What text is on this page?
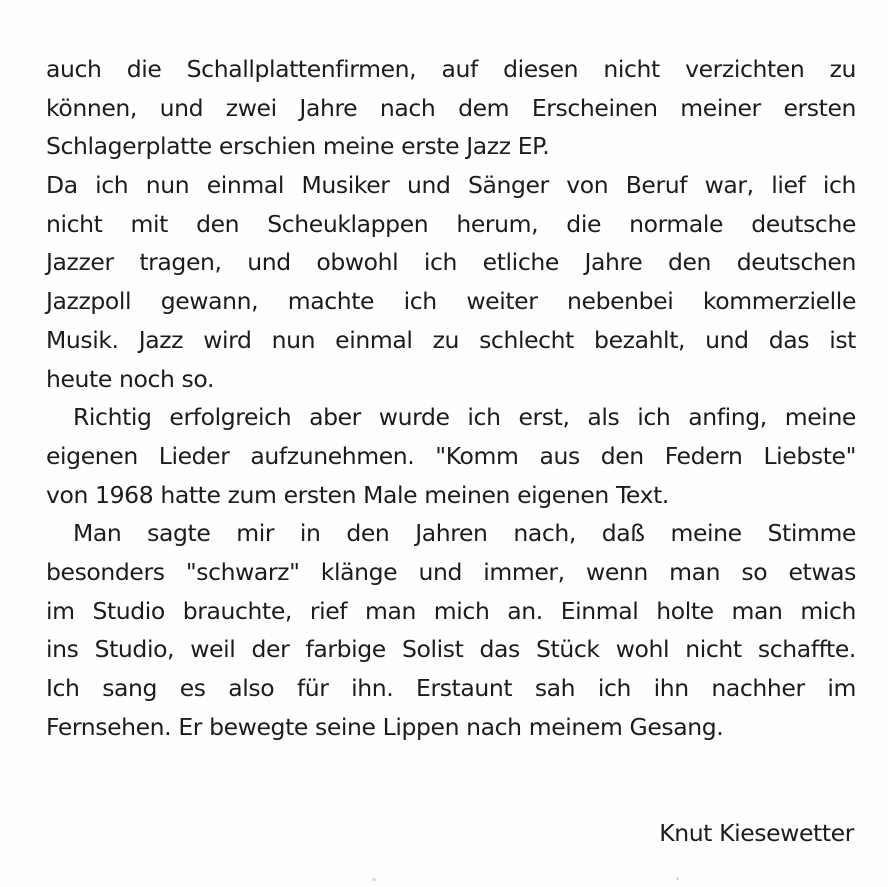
auch die Schallplattenfirmen, auf diesen nicht verzichten zu
können, und zwei Jahre nach dem Erscheinen meiner ersten
Schlagerplatte erschien meine erste Jazz EP.
Da ich nun einmal Musiker und Sänger von Beruf war, lief ich
nicht mit den Scheuklappen herum, die normale deutsche
Jazzer tragen, und obwohl ich etliche Jahre den deutschen
Jazzpoll gewann, machte ich weiter nebenbei kommerzielle
Musik. Jazz wird nun einmal zu schlecht bezahlt, und das ist
heute noch so.
Richtig erfolgreich aber wurde ich erst, als ich anfing, meine
eigenen Lieder aufzunehmen. "Komm aus den Federn Liebste"
von 1968 hatte zum ersten Male meinen eigenen Text.
Man sagte mir in den Jahren nach, daß meine Stimme
besonders "schwarz" klänge und immer, wenn man so etwas
im Studio brauchte, rief man mich an. Einmal holte man mich
ins Studio, weil der farbige Solist das Stück wohl nicht schaffte.
Ich sang es also für ihn. Erstaunt sah ich ihn nachher im
Fernsehen. Er bewegte seine Lippen nach meinem Gesang.
Knut Kiesewetter
